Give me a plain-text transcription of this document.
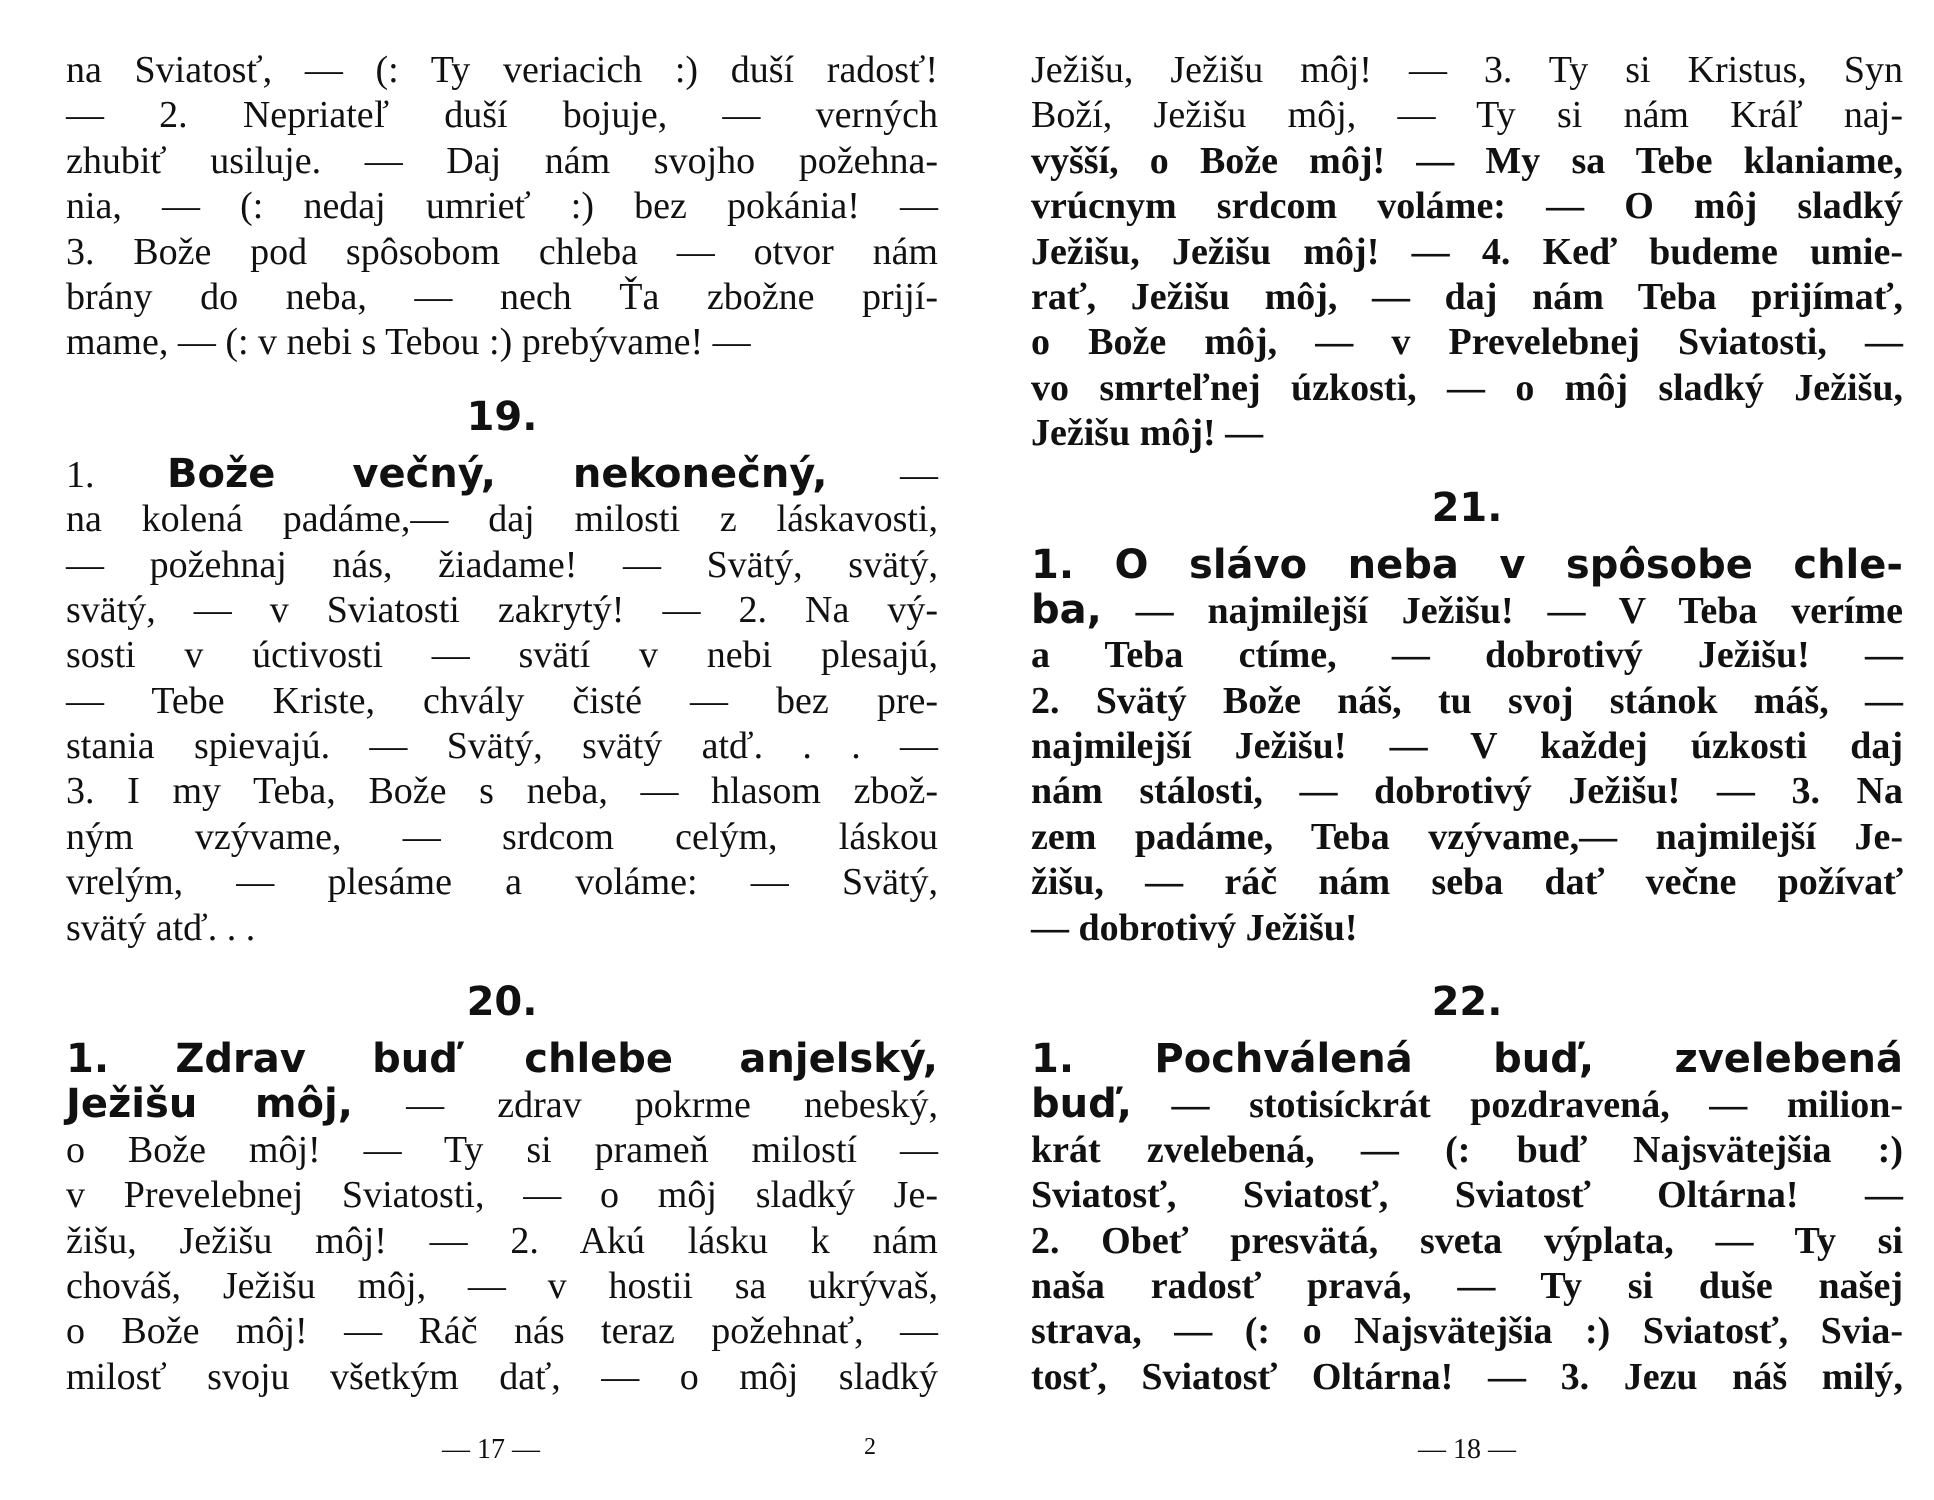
na Sviatosť, — (: Ty veriacich :) duší radosť!
— 2. Nepriateľ duší bojuje, — verných
zhubiť usiluje. — Daj nám svojho požehna-
nia, — (: nedaj umrieť :) bez pokánia! —
3. Bože pod spôsobom chleba — otvor nám
brány do neba, — nech Ťa zbožne prijí-
mame, — (: v nebi s Tebou :) prebývame! —
19.
1. Bože večný, nekonečný, —
na kolená padáme,— daj milosti z láskavosti,
— požehnaj nás, žiadame! — Svätý, svätý,
svätý, — v Sviatosti zakrytý! — 2. Na vý-
sosti v úctivosti — svätí v nebi plesajú,
— Tebe Kriste, chvály čisté — bez pre-
stania spievajú. — Svätý, svätý atď. . . —
3. I my Teba, Bože s neba, — hlasom zbož-
ným vzývame, — srdcom celým, láskou
vrelým, — plesáme a voláme: — Svätý,
svätý atď. . .
20.
1. Zdrav buď chlebe anjelský,
Ježišu môj, — zdrav pokrme nebeský,
o Bože môj! — Ty si prameň milostí —
v Prevelebnej Sviatosti, — o môj sladký Je-
žišu, Ježišu môj! — 2. Akú lásku k nám
chováš, Ježišu môj, — v hostii sa ukrývaš,
o Bože môj! — Ráč nás teraz požehnať, —
milosť svoju všetkým dať, — o môj sladký
— 17 —	2
Ježišu, Ježišu môj! — 3. Ty si Kristus, Syn
Boží, Ježišu môj, — Ty si nám Kráľ naj-
vyšší, o Bože môj! — My sa Tebe klaniame,
vrúcnym srdcom voláme: — O môj sladký
Ježišu, Ježišu môj! — 4. Keď budeme umie-
rať, Ježišu môj, — daj nám Teba prijímať,
o Bože môj, — v Prevelebnej Sviatosti, —
vo smrteľnej úzkosti, — o môj sladký Ježišu,
Ježišu môj! —
21.
1. O slávo neba v spôsobe chle-
ba, — najmilejší Ježišu! — V Teba veríme
a Teba ctíme, — dobrotivý Ježišu! —
2. Svätý Bože náš, tu svoj stánok máš, —
najmilejší Ježišu! — V každej úzkosti daj
nám stálosti, — dobrotivý Ježišu! — 3. Na
zem padáme, Teba vzývame,— najmilejší Je-
žišu, — ráč nám seba dať večne požívať
— dobrotivý Ježišu!
22.
1. Pochválená buď, zvelebená
buď, — stotisíckrát pozdravená, — milion-
krát zvelebená, — (: buď Najsvätejšia :)
Sviatosť, Sviatosť, Sviatosť Oltárna! —
2. Obeť presvätá, sveta výplata, — Ty si
naša radosť pravá, — Ty si duše našej
strava, — (: o Najsvätejšia :) Sviatosť, Svia-
tosť, Sviatosť Oltárna! — 3. Jezu náš milý,
— 18 —
